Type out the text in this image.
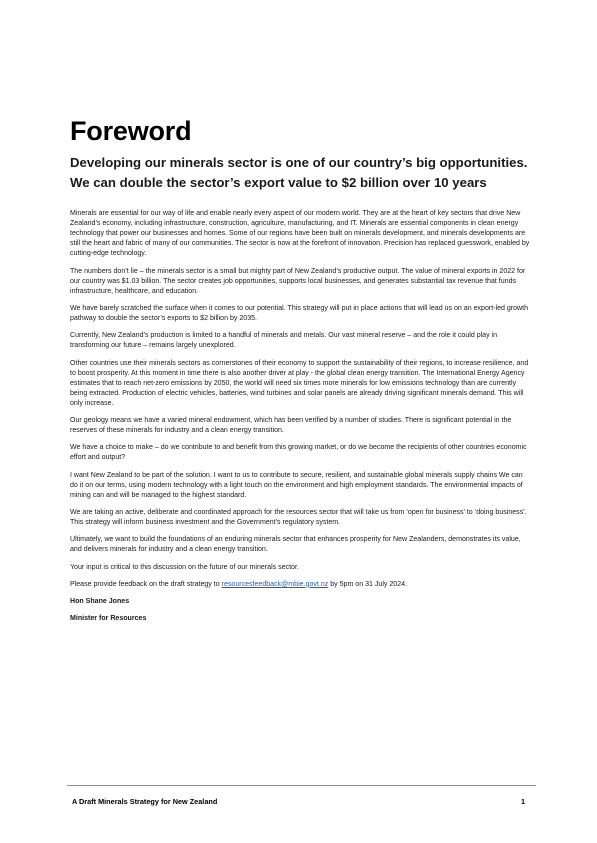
Foreword
Developing our minerals sector is one of our country’s big opportunities. We can double the sector’s export value to $2 billion over 10 years

Minerals are essential for our way of life and enable nearly every aspect of our modern world. They are at the heart of key sectors that drive New Zealand’s economy, including infrastructure, construction, agriculture, manufacturing, and IT. Minerals are essential components in clean energy technology that power our businesses and homes. Some of our regions have been built on minerals development, and minerals developments are still the heart and fabric of many of our communities. The sector is now at the forefront of innovation. Precision has replaced guesswork, enabled by cutting-edge technology.

The numbers don’t lie – the minerals sector is a small but mighty part of New Zealand’s productive output. The value of mineral exports in 2022 for our country was $1.03 billion. The sector creates job opportunities, supports local businesses, and generates substantial tax revenue that funds infrastructure, healthcare, and education.

We have barely scratched the surface when it comes to our potential. This strategy will put in place actions that will lead us on an export-led growth pathway to double the sector’s exports to $2 billion by 2035.

Currently, New Zealand’s production is limited to a handful of minerals and metals. Our vast mineral reserve – and the role it could play in transforming our future – remains largely unexplored.

Other countries use their minerals sectors as cornerstones of their economy to support the sustainability of their regions, to increase resilience, and to boost prosperity. At this moment in time there is also another driver at play - the global clean energy transition. The International Energy Agency estimates that to reach net-zero emissions by 2050, the world will need six times more minerals for low emissions technology than are currently being extracted. Production of electric vehicles, batteries, wind turbines and solar panels are already driving significant minerals demand. This will only increase.

Our geology means we have a varied mineral endowment, which has been verified by a number of studies. There is significant potential in the reserves of these minerals for industry and a clean energy transition.

We have a choice to make – do we contribute to and benefit from this growing market, or do we become the recipients of other countries economic effort and output?

I want New Zealand to be part of the solution. I want to us to contribute to secure, resilient, and sustainable global minerals supply chains We can do it on our terms, using modern technology with a light touch on the environment and high employment standards. The environmental impacts of mining can and will be managed to the highest standard.

We are taking an active, deliberate and coordinated approach for the resources sector that will take us from ‘open for business’ to ‘doing business’. This strategy will inform business investment and the Government’s regulatory system.

Ultimately, we want to build the foundations of an enduring minerals sector that enhances prosperity for New Zealanders, demonstrates its value, and delivers minerals for industry and a clean energy transition.

Your input is critical to this discussion on the future of our minerals sector.

Please provide feedback on the draft strategy to resourcesfeedback@mbie.govt.nz by 5pm on 31 July 2024.

Hon Shane Jones

Minister for Resources

A Draft Minerals Strategy for New Zealand	1
